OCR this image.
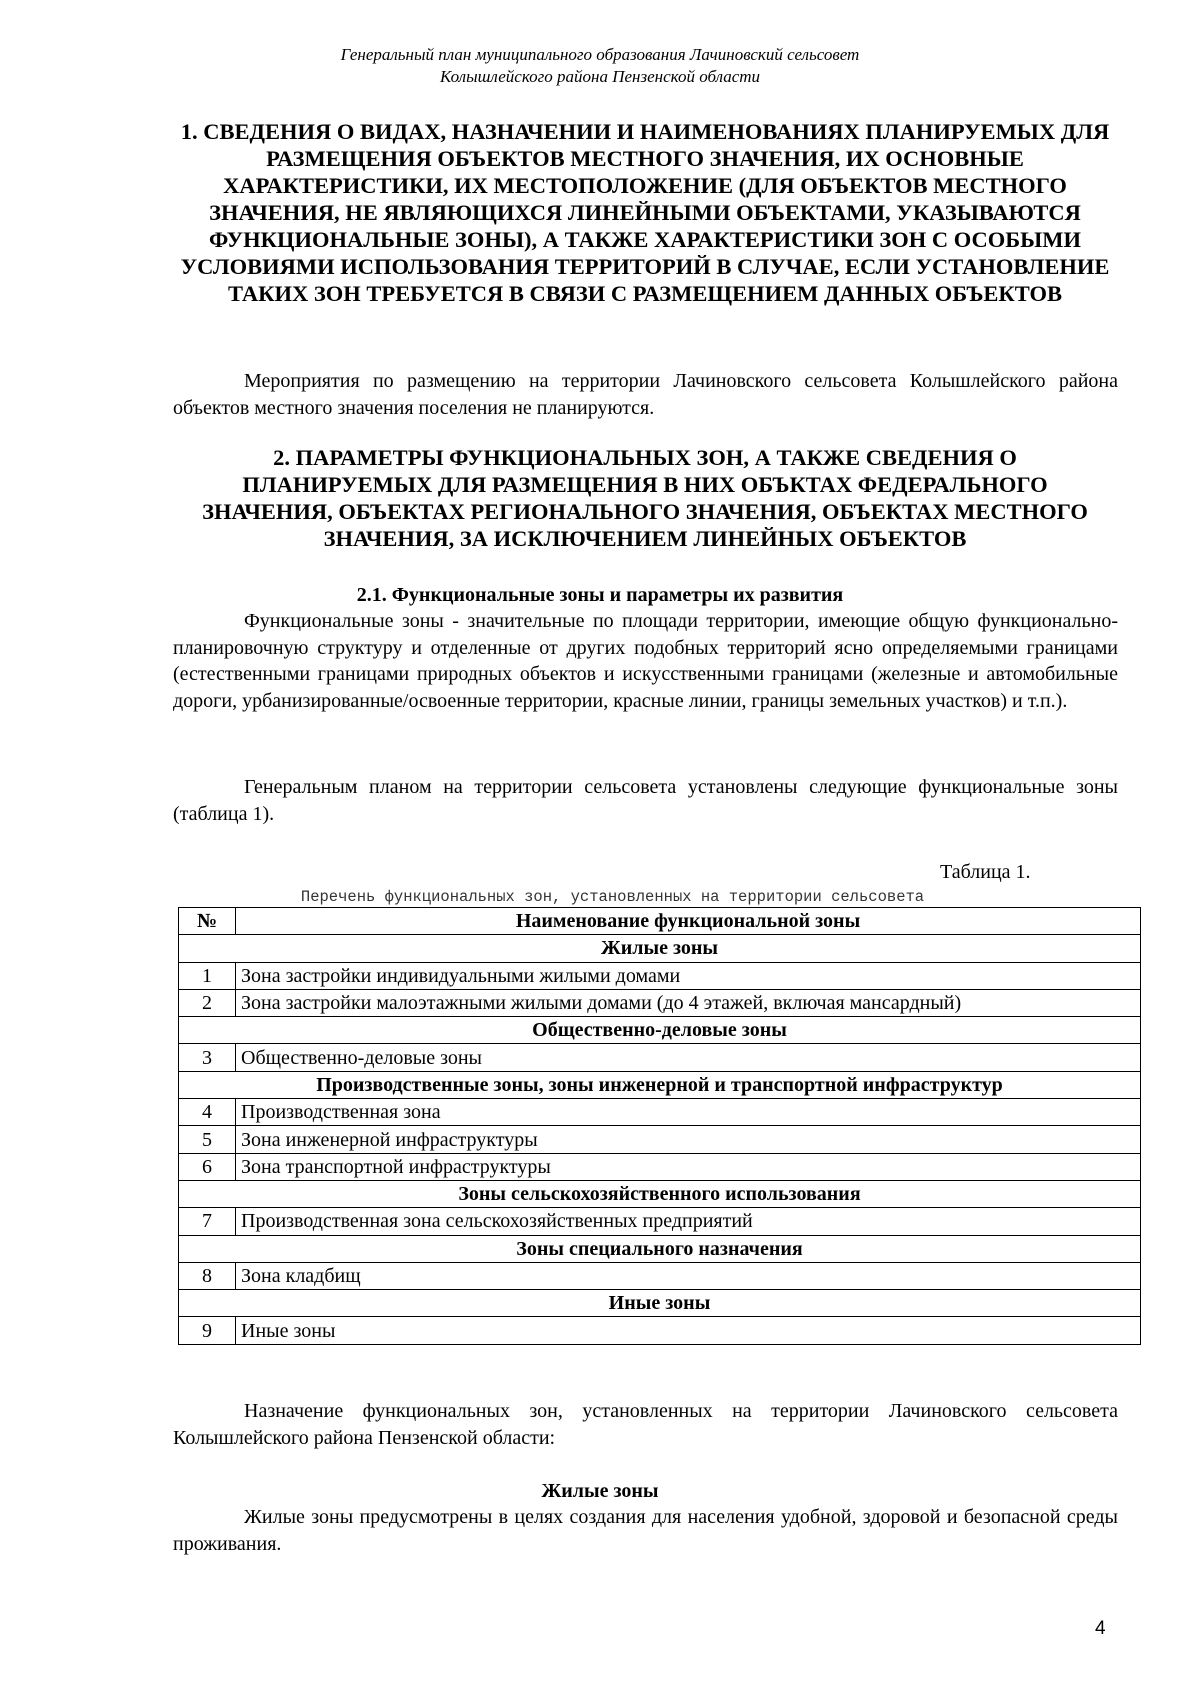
Генеральный план муниципального образования Лачиновский сельсовет
Колышлейского района Пензенской области
1. СВЕДЕНИЯ О ВИДАХ, НАЗНАЧЕНИИ И НАИМЕНОВАНИЯХ ПЛАНИРУЕМЫХ ДЛЯ РАЗМЕЩЕНИЯ ОБЪЕКТОВ МЕСТНОГО ЗНАЧЕНИЯ, ИХ ОСНОВНЫЕ ХАРАКТЕРИСТИКИ, ИХ МЕСТОПОЛОЖЕНИЕ (ДЛЯ ОБЪЕКТОВ МЕСТНОГО ЗНАЧЕНИЯ, НЕ ЯВЛЯЮЩИХСЯ ЛИНЕЙНЫМИ ОБЪЕКТАМИ, УКАЗЫВАЮТСЯ ФУНКЦИОНАЛЬНЫЕ ЗОНЫ), А ТАКЖЕ ХАРАКТЕРИСТИКИ ЗОН С ОСОБЫМИ УСЛОВИЯМИ ИСПОЛЬЗОВАНИЯ ТЕРРИТОРИЙ В СЛУЧАЕ, ЕСЛИ УСТАНОВЛЕНИЕ ТАКИХ ЗОН ТРЕБУЕТСЯ В СВЯЗИ С РАЗМЕЩЕНИЕМ ДАННЫХ ОБЪЕКТОВ
Мероприятия по размещению на территории Лачиновского сельсовета Колышлейского района объектов местного значения поселения не планируются.
2. ПАРАМЕТРЫ ФУНКЦИОНАЛЬНЫХ ЗОН, А ТАКЖЕ СВЕДЕНИЯ О ПЛАНИРУЕМЫХ ДЛЯ РАЗМЕЩЕНИЯ В НИХ ОБЪКТАХ ФЕДЕРАЛЬНОГО ЗНАЧЕНИЯ, ОБЪЕКТАХ РЕГИОНАЛЬНОГО ЗНАЧЕНИЯ, ОБЪЕКТАХ МЕСТНОГО ЗНАЧЕНИЯ, ЗА ИСКЛЮЧЕНИЕМ ЛИНЕЙНЫХ ОБЪЕКТОВ
2.1. Функциональные зоны и параметры их развития
Функциональные зоны - значительные по площади территории, имеющие общую функционально-планировочную структуру и отделенные от других подобных территорий ясно определяемыми границами (естественными границами природных объектов и искусственными границами (железные и автомобильные дороги, урбанизированные/освоенные территории, красные линии, границы земельных участков) и т.п.).
Генеральным планом на территории сельсовета установлены следующие функциональные зоны (таблица 1).
Таблица 1.
Перечень функциональных зон, установленных на территории сельсовета
№	Наименование функциональной зоны
Жилые зоны	
1	Зона застройки индивидуальными жилыми домами
2	Зона застройки малоэтажными жилыми домами (до 4 этажей, включая мансардный)
Общественно-деловые зоны	
3	Общественно-деловые зоны
Производственные зоны, зоны инженерной и транспортной инфраструктур	
4	Производственная зона
5	Зона инженерной инфраструктуры
6	Зона транспортной инфраструктуры
Зоны сельскохозяйственного использования	
7	Производственная зона сельскохозяйственных предприятий
Зоны специального назначения	
8	Зона кладбищ
Иные зоны	
9	Иные зоны
Назначение функциональных зон, установленных на территории Лачиновского сельсовета Колышлейского района Пензенской области:
Жилые зоны
Жилые зоны предусмотрены в целях создания для населения удобной, здоровой и безопасной среды проживания.
4
